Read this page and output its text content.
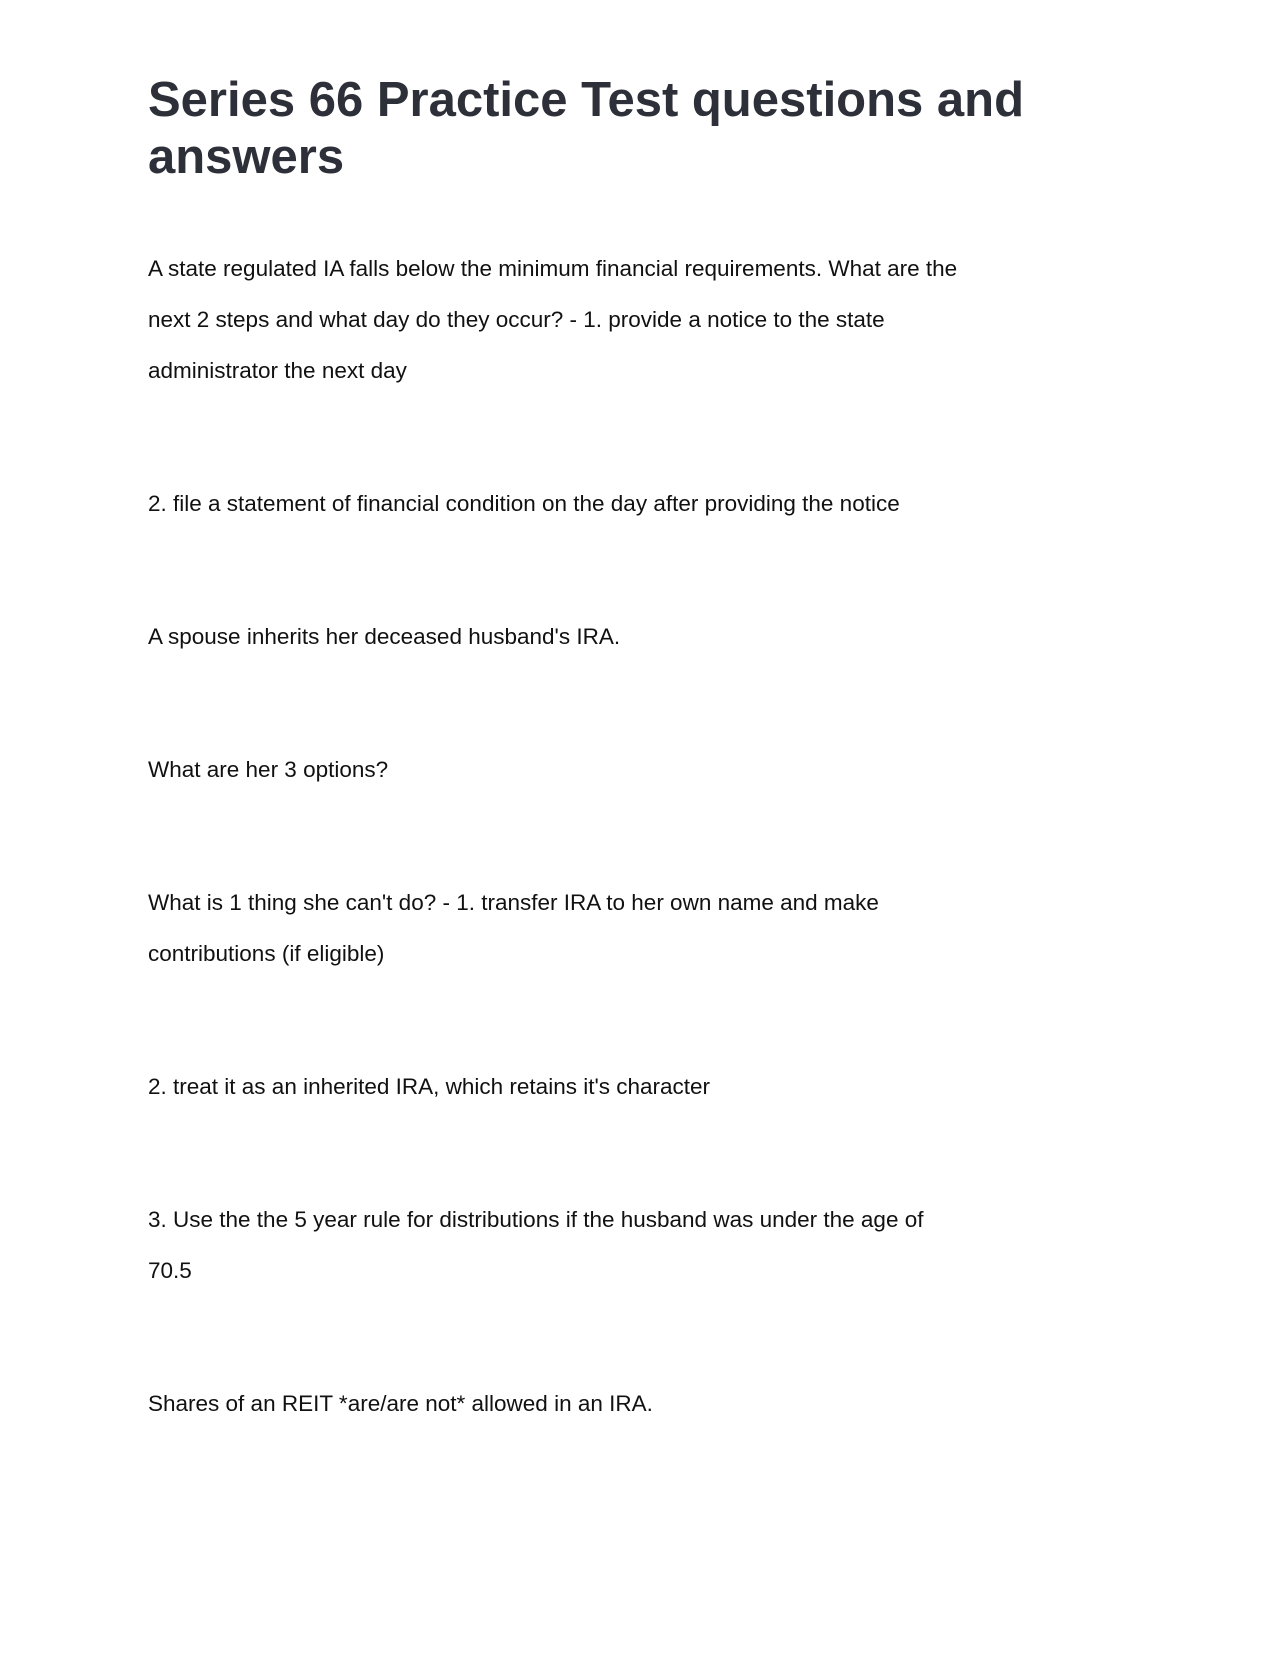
Series 66 Practice Test questions and
answers

A state regulated IA falls below the minimum financial requirements. What are the
next 2 steps and what day do they occur? - 1. provide a notice to the state
administrator the next day

2. file a statement of financial condition on the day after providing the notice

A spouse inherits her deceased husband's IRA.

What are her 3 options?

What is 1 thing she can't do? - 1. transfer IRA to her own name and make
contributions (if eligible)

2. treat it as an inherited IRA, which retains it's character

3. Use the the 5 year rule for distributions if the husband was under the age of
70.5

Shares of an REIT *are/are not* allowed in an IRA.
